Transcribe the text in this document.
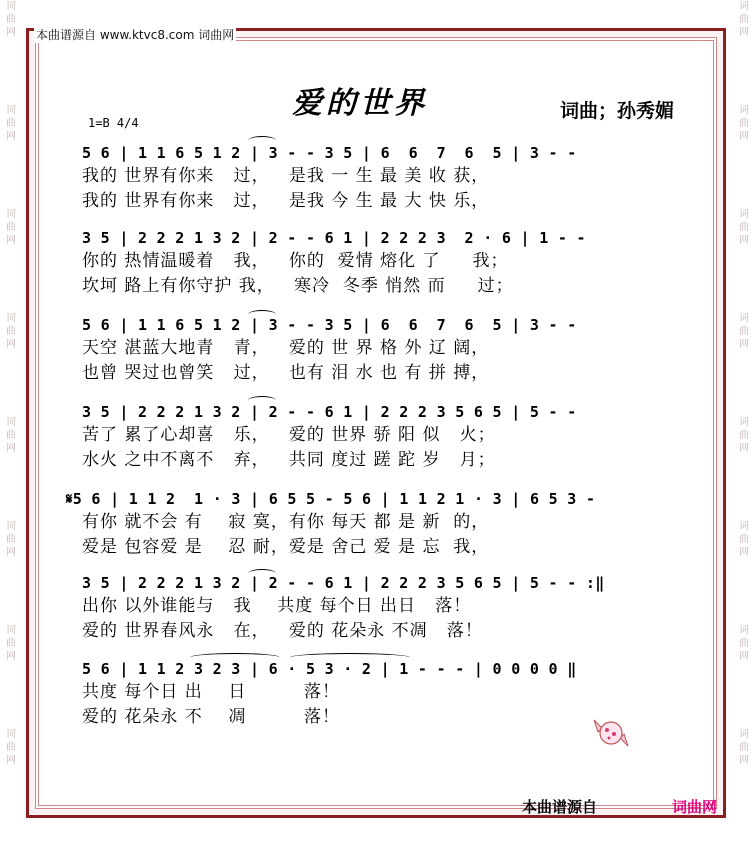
词
曲
网

词
曲
网

词
曲
网

词
曲
网

词
曲
网

词
曲
网

词
曲
网

词
曲
网
词
曲
网

词
曲
网

词
曲
网

词
曲
网

词
曲
网

词
曲
网

词
曲
网

词
曲
网
本曲谱源自 www.ktvc8.com 词曲网
爱的世界	词曲；孙秀媚
1=B 4/4
5 6 | 1 1 6 5 1 2 | 3 - - 3 5 | 6  6  7  6  5 | 3 - -
我的 世界有你来   过，   是我 一 生 最 美 收 获，
我的 世界有你来   过，   是我 今 生 最 大 快 乐，
3 5 | 2 2 2 1 3 2 | 2 - - 6 1 | 2 2 2 3  2 · 6 | 1 - -
你的 热情温暖着   我，   你的  爱情 熔化 了     我；
坎坷 路上有你守护 我，   寒冷  冬季 悄然 而     过；
5 6 | 1 1 6 5 1 2 | 3 - - 3 5 | 6  6  7  6  5 | 3 - -
天空 湛蓝大地青   青，   爱的 世 界 格 外 辽 阔，
也曾 哭过也曾笑   过，   也有 泪 水 也 有 拼 搏，
3 5 | 2 2 2 1 3 2 | 2 - - 6 1 | 2 2 2 3 5 6 5 | 5 - -
苦了 累了心却喜   乐，   爱的 世界 骄 阳 似   火；
水火 之中不离不   弃，   共同 度过 蹉 跎 岁   月；
𝄋5 6 | 1 1 2  1 · 3 | 6 5 5 - 5 6 | 1 1 2 1 · 3 | 6 5 3 -
有你 就不会 有    寂 寞，有你 每天 都 是 新  的，
爱是 包容爱 是    忍 耐，爱是 舍己 爱 是 忘  我，
3 5 | 2 2 2 1 3 2 | 2 - - 6 1 | 2 2 2 3 5 6 5 | 5 - - :‖
出你 以外谁能与   我    共度 每个日 出日   落！
爱的 世界春风永   在，   爱的 花朵永 不凋   落！
5 6 | 1 1 2 3 2 3 | 6 · 5 3 · 2 | 1 - - - | 0 0 0 0 ‖
共度 每个日 出    日         落！
爱的 花朵永 不    凋         落！
本曲谱源自	词曲网
